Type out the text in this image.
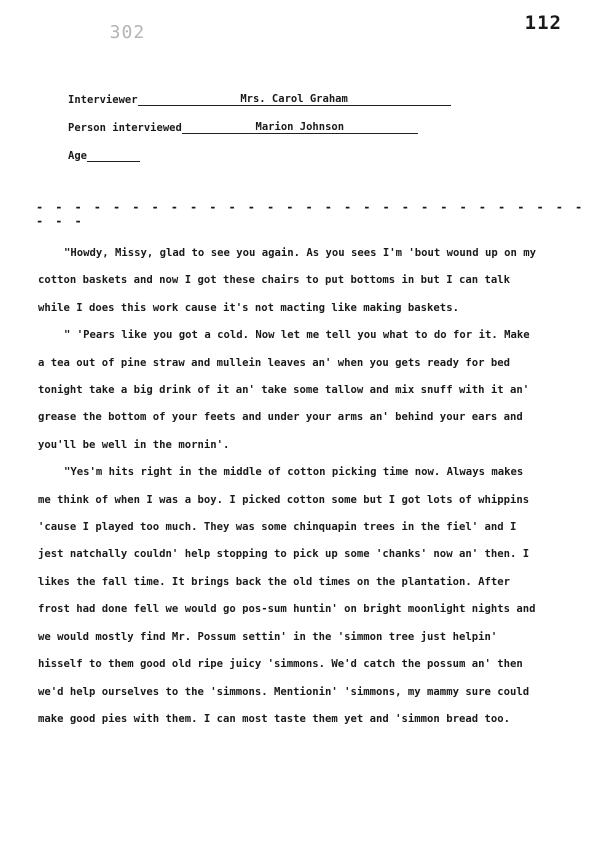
302	112
Interviewer	Mrs. Carol Graham
Person interviewed	Marion Johnson
Age
- - - - - - - - - - - - - - - - - - - - - - - - - - - - - - - -

"Howdy, Missy, glad to see you again. As you sees I'm 'bout wound up on my cotton baskets and now I got these chairs to put bottoms in but I can talk while I does this work cause it's not macting like making baskets.

" 'Pears like you got a cold. Now let me tell you what to do for it. Make a tea out of pine straw and mullein leaves an' when you gets ready for bed tonight take a big drink of it an' take some tallow and mix snuff with it an' grease the bottom of your feets and under your arms an' behind your ears and you'll be well in the mornin'.

"Yes'm hits right in the middle of cotton picking time now. Always makes me think of when I was a boy. I picked cotton some but I got lots of whippins 'cause I played too much. They was some chinquapin trees in the fiel' and I jest natchally couldn' help stopping to pick up some 'chanks' now an' then. I likes the fall time. It brings back the old times on the plantation. After frost had done fell we would go pos-sum huntin' on bright moonlight nights and we would mostly find Mr. Possum settin' in the 'simmon tree just helpin' hisself to them good old ripe juicy 'simmons. We'd catch the possum an' then we'd help ourselves to the 'simmons. Mentionin' 'simmons, my mammy sure could make good pies with them. I can most taste them yet and 'simmon bread too.
